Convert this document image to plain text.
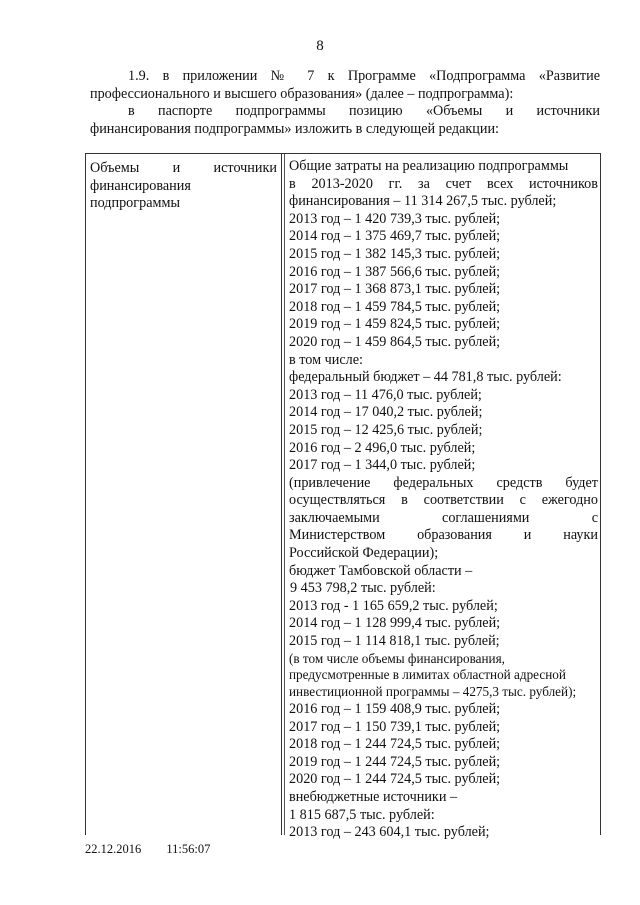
8

1.9. в приложении № 7 к Программе «Подпрограмма «Развитие

профессионального и высшего образования» (далее – подпрограмма):

в паспорте подпрограммы позицию «Объемы и источники

финансирования подпрограммы» изложить в следующей редакции:

Объемы и источники
финансирования
подпрограммы
Общие затраты на реализацию подпрограммы
в 2013-2020 гг. за счет всех источников
финансирования – 11 314 267,5 тыс. рублей;
2013 год – 1 420 739,3 тыс. рублей;
2014 год – 1 375 469,7 тыс. рублей;
2015 год – 1 382 145,3 тыс. рублей;
2016 год – 1 387 566,6 тыс. рублей;
2017 год – 1 368 873,1 тыс. рублей;
2018 год – 1 459 784,5 тыс. рублей;
2019 год – 1 459 824,5 тыс. рублей;
2020 год – 1 459 864,5 тыс. рублей;
в том числе:
федеральный бюджет – 44 781,8 тыс. рублей:
2013 год – 11 476,0 тыс. рублей;
2014 год – 17 040,2 тыс. рублей;
2015 год – 12 425,6 тыс. рублей;
2016 год – 2 496,0 тыс. рублей;
2017 год – 1 344,0 тыс. рублей;
(привлечение федеральных средств будет
осуществляться в соответствии с ежегодно
заключаемыми	соглашениями	с
Министерством образования и науки
Российской Федерации);
бюджет Тамбовской области –
9 453 798,2 тыс. рублей:
2013 год - 1 165 659,2 тыс. рублей;
2014 год – 1 128 999,4 тыс. рублей;
2015 год – 1 114 818,1 тыс. рублей;
(в том числе объемы финансирования,
предусмотренные в лимитах областной адресной
инвестиционной программы – 4275,3 тыс. рублей);
2016 год – 1 159 408,9 тыс. рублей;
2017 год – 1 150 739,1 тыс. рублей;
2018 год – 1 244 724,5 тыс. рублей;
2019 год – 1 244 724,5 тыс. рублей;
2020 год – 1 244 724,5 тыс. рублей;
внебюджетные источники –
1 815 687,5 тыс. рублей:
2013 год – 243 604,1 тыс. рублей;
22.12.2016 11:56:07
